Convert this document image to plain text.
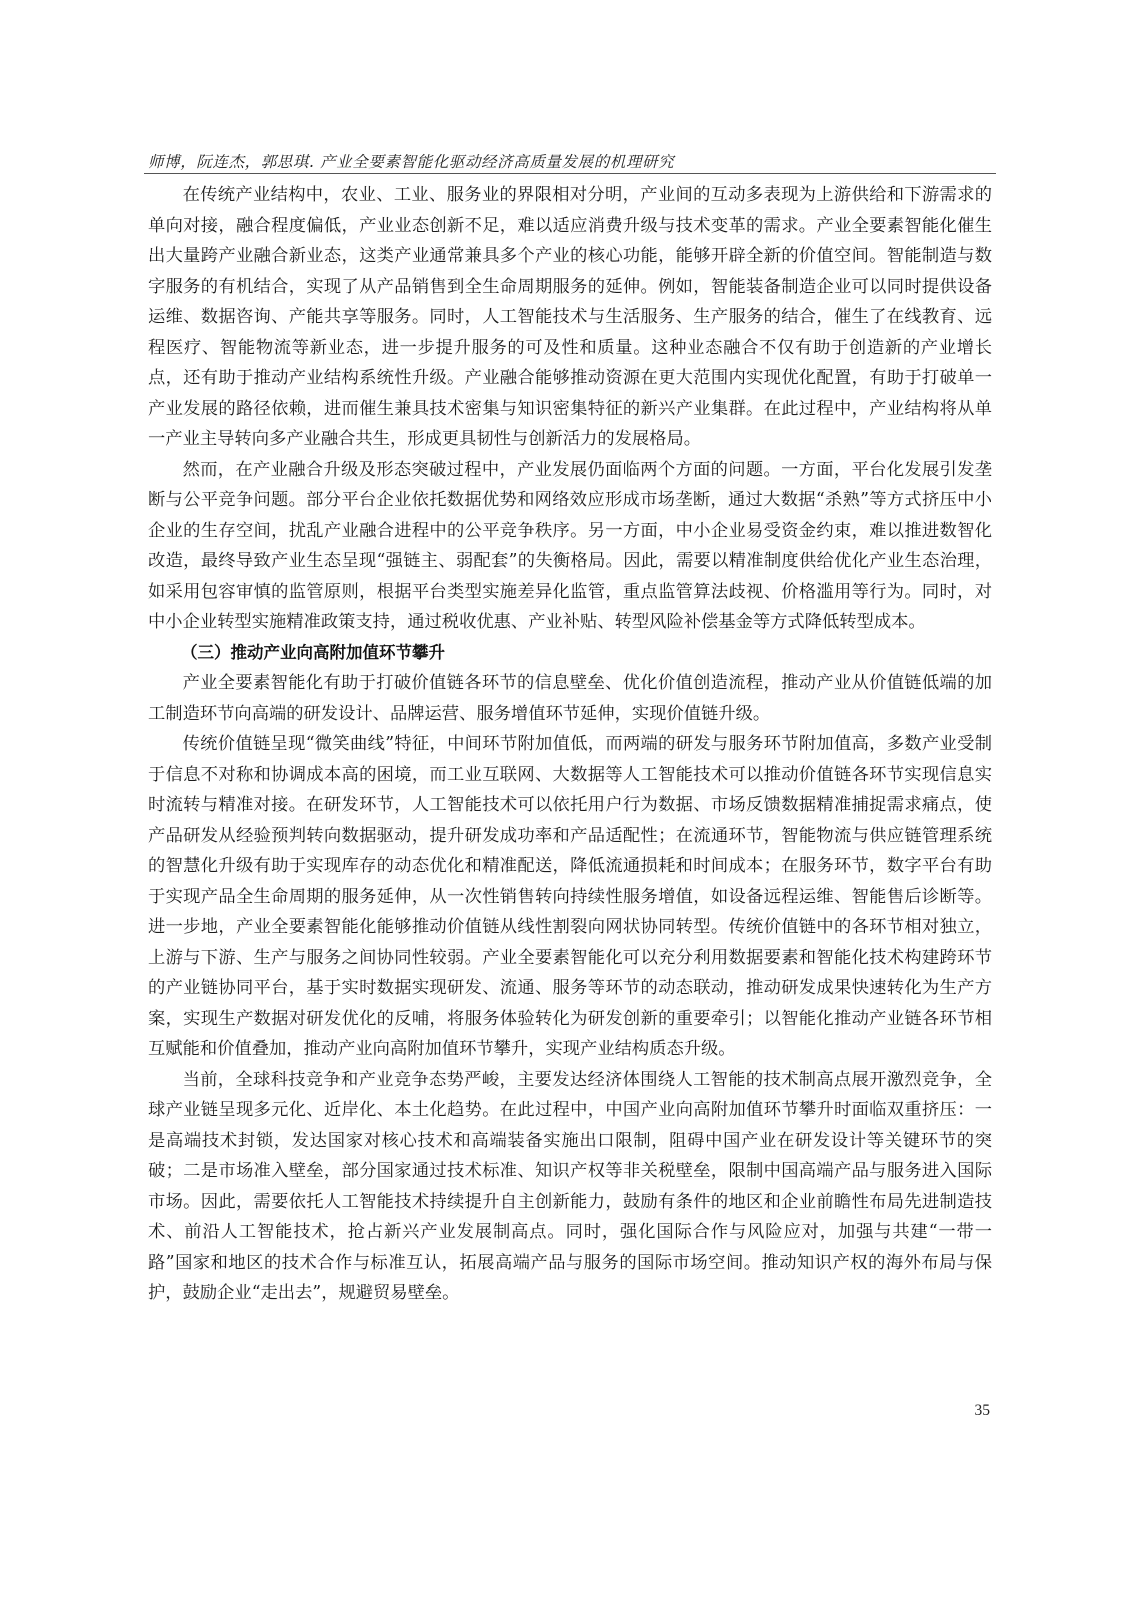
师博，阮连杰，郭思琪. 产业全要素智能化驱动经济高质量发展的机理研究

在传统产业结构中，农业、工业、服务业的界限相对分明，产业间的互动多表现为上游供给和下游需求的单向对接，融合程度偏低，产业业态创新不足，难以适应消费升级与技术变革的需求。产业全要素智能化催生出大量跨产业融合新业态，这类产业通常兼具多个产业的核心功能，能够开辟全新的价值空间。智能制造与数字服务的有机结合，实现了从产品销售到全生命周期服务的延伸。例如，智能装备制造企业可以同时提供设备运维、数据咨询、产能共享等服务。同时，人工智能技术与生活服务、生产服务的结合，催生了在线教育、远程医疗、智能物流等新业态，进一步提升服务的可及性和质量。这种业态融合不仅有助于创造新的产业增长点，还有助于推动产业结构系统性升级。产业融合能够推动资源在更大范围内实现优化配置，有助于打破单一产业发展的路径依赖，进而催生兼具技术密集与知识密集特征的新兴产业集群。在此过程中，产业结构将从单一产业主导转向多产业融合共生，形成更具韧性与创新活力的发展格局。

然而，在产业融合升级及形态突破过程中，产业发展仍面临两个方面的问题。一方面，平台化发展引发垄断与公平竞争问题。部分平台企业依托数据优势和网络效应形成市场垄断，通过大数据“杀熟”等方式挤压中小企业的生存空间，扰乱产业融合进程中的公平竞争秩序。另一方面，中小企业易受资金约束，难以推进数智化改造，最终导致产业生态呈现“强链主、弱配套”的失衡格局。因此，需要以精准制度供给优化产业生态治理，如采用包容审慎的监管原则，根据平台类型实施差异化监管，重点监管算法歧视、价格滥用等行为。同时，对中小企业转型实施精准政策支持，通过税收优惠、产业补贴、转型风险补偿基金等方式降低转型成本。

（三）推动产业向高附加值环节攀升

产业全要素智能化有助于打破价值链各环节的信息壁垒、优化价值创造流程，推动产业从价值链低端的加工制造环节向高端的研发设计、品牌运营、服务增值环节延伸，实现价值链升级。

传统价值链呈现“微笑曲线”特征，中间环节附加值低，而两端的研发与服务环节附加值高，多数产业受制于信息不对称和协调成本高的困境，而工业互联网、大数据等人工智能技术可以推动价值链各环节实现信息实时流转与精准对接。在研发环节，人工智能技术可以依托用户行为数据、市场反馈数据精准捕捉需求痛点，使产品研发从经验预判转向数据驱动，提升研发成功率和产品适配性；在流通环节，智能物流与供应链管理系统的智慧化升级有助于实现库存的动态优化和精准配送，降低流通损耗和时间成本；在服务环节，数字平台有助于实现产品全生命周期的服务延伸，从一次性销售转向持续性服务增值，如设备远程运维、智能售后诊断等。进一步地，产业全要素智能化能够推动价值链从线性割裂向网状协同转型。传统价值链中的各环节相对独立，上游与下游、生产与服务之间协同性较弱。产业全要素智能化可以充分利用数据要素和智能化技术构建跨环节的产业链协同平台，基于实时数据实现研发、流通、服务等环节的动态联动，推动研发成果快速转化为生产方案，实现生产数据对研发优化的反哺，将服务体验转化为研发创新的重要牵引；以智能化推动产业链各环节相互赋能和价值叠加，推动产业向高附加值环节攀升，实现产业结构质态升级。

当前，全球科技竞争和产业竞争态势严峻，主要发达经济体围绕人工智能的技术制高点展开激烈竞争，全球产业链呈现多元化、近岸化、本土化趋势。在此过程中，中国产业向高附加值环节攀升时面临双重挤压：一是高端技术封锁，发达国家对核心技术和高端装备实施出口限制，阻碍中国产业在研发设计等关键环节的突破；二是市场准入壁垒，部分国家通过技术标准、知识产权等非关税壁垒，限制中国高端产品与服务进入国际市场。因此，需要依托人工智能技术持续提升自主创新能力，鼓励有条件的地区和企业前瞻性布局先进制造技术、前沿人工智能技术，抢占新兴产业发展制高点。同时，强化国际合作与风险应对，加强与共建“一带一路”国家和地区的技术合作与标准互认，拓展高端产品与服务的国际市场空间。推动知识产权的海外布局与保护，鼓励企业“走出去”，规避贸易壁垒。

35
